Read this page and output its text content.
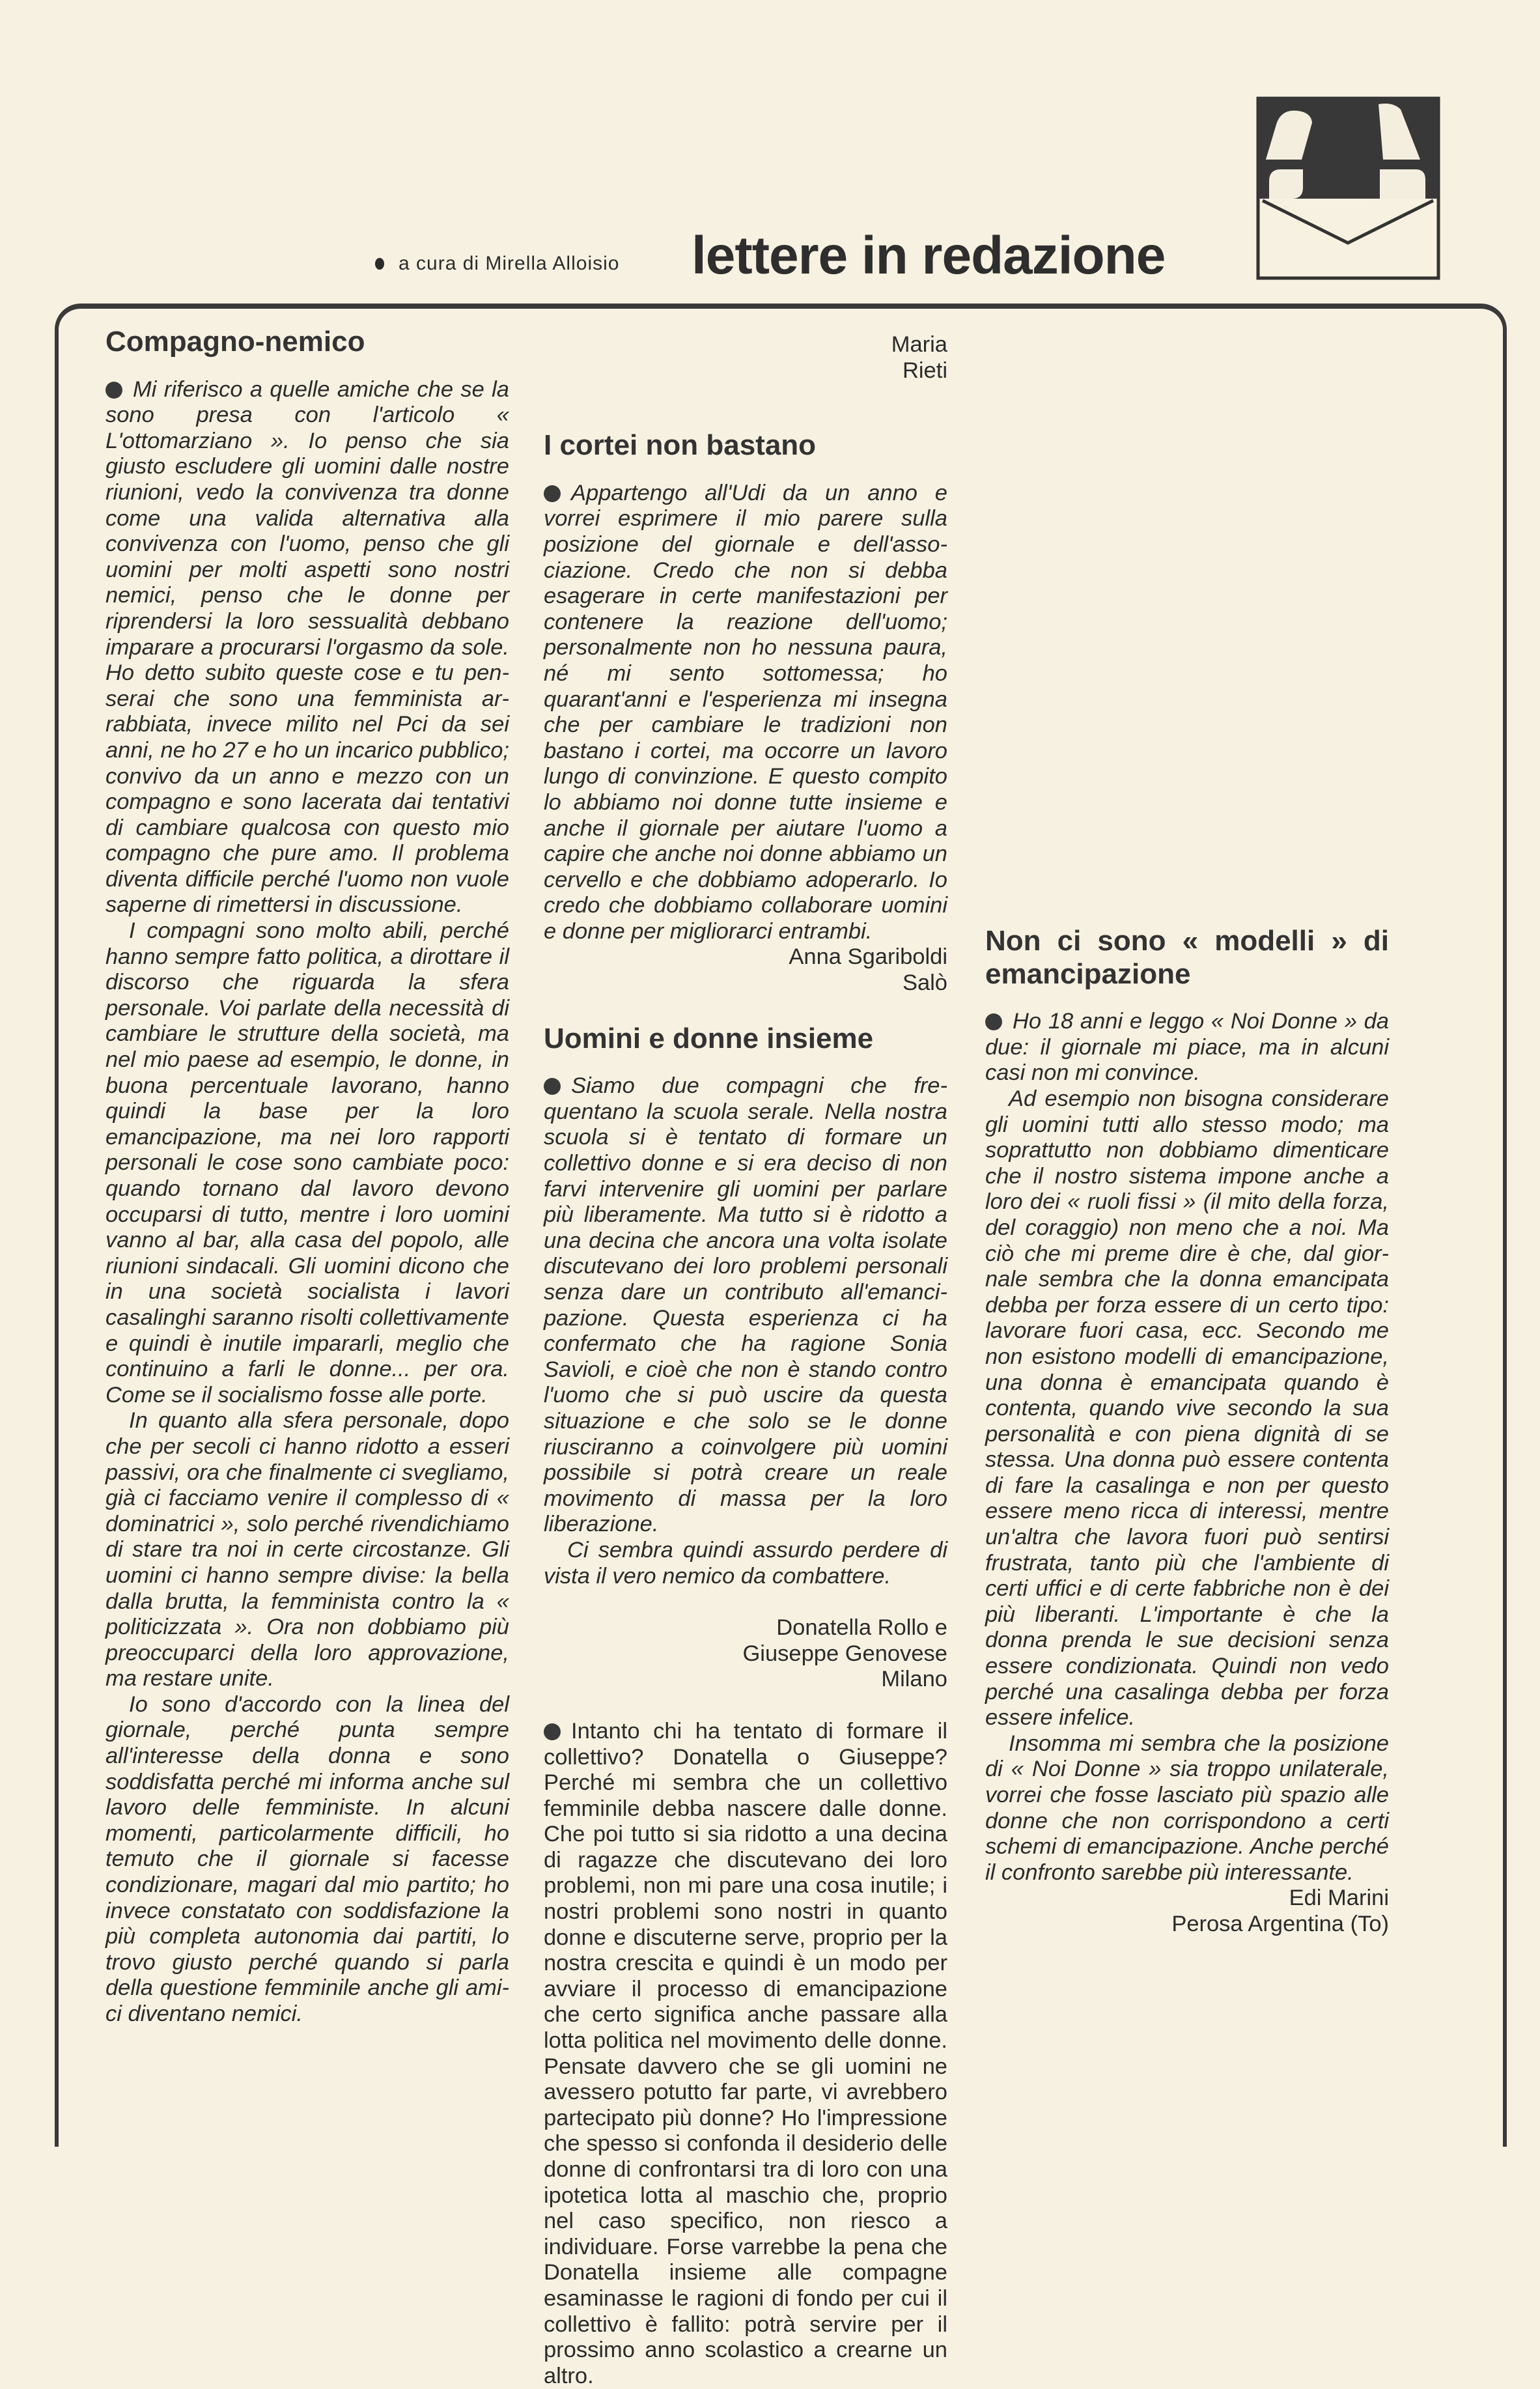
a cura di Mirella Alloisio lettere in redazione
Compagno-nemico

Mi riferisco a quelle amiche che se la sono presa con l'articolo « L'ottomarziano ». Io penso che sia giusto escludere gli uomini dalle nostre riunioni, vedo la convivenza tra donne come una valida alternativa alla convivenza con l'uomo, penso che gli uomini per molti aspetti sono nostri nemici, penso che le donne per riprendersi la loro sessualità debbano imparare a procurarsi l'orgasmo da sole. Ho detto subito queste cose e tu penserai che sono una femminista arrabbiata, invece milito nel Pci da sei anni, ne ho 27 e ho un incarico pubblico; convivo da un anno e mezzo con un compagno e sono lacerata dai tentativi di cambiare qualcosa con questo mio compagno che pure amo. Il problema diventa difficile perché l'uomo non vuole saperne di rimettersi in discussione.

I compagni sono molto abili, perché hanno sempre fatto politica, a dirottare il discorso che riguarda la sfera personale. Voi parlate della necessità di cambiare le strutture della società, ma nel mio paese ad esempio, le donne, in buona percentuale lavorano, hanno quindi la base per la loro emancipazione, ma nei loro rapporti personali le cose sono cambiate poco: quando tornano dal lavoro devono occuparsi di tutto, mentre i loro uomini vanno al bar, alla casa del popolo, alle riunioni sindacali. Gli uomini dicono che in una società socialista i lavori casalinghi saranno risolti collettivamente e quindi è inutile impararli, meglio che continuino a farli le donne... per ora. Come se il socialismo fosse alle porte.

In quanto alla sfera personale, dopo che per secoli ci hanno ridotto a esseri passivi, ora che finalmente ci svegliamo, già ci facciamo venire il complesso di « dominatrici », solo perché rivendichiamo di stare tra noi in certe circostanze. Gli uomini ci hanno sempre divise: la bella dalla brutta, la femminista contro la « politicizzata ». Ora non dobbiamo più preoccuparci della loro approvazione, ma restare unite.

Io sono d'accordo con la linea del giornale, perché punta sempre all'interesse della donna e sono soddisfatta perché mi informa anche sul lavoro delle femministe. In alcuni momenti, particolarmente difficili, ho temuto che il giornale si facesse condizionare, magari dal mio partito; ho invece constatato con soddisfazione la più completa autonomia dai partiti, lo trovo giusto perché quando si parla della questione femminile anche gli amici diventano nemici.

Maria
Rieti
I cortei non bastano

Appartengo all'Udi da un anno e vorrei esprimere il mio parere sulla posizione del giornale e dell'associazione. Credo che non si debba esagerare in certe manifestazioni per contenere la reazione dell'uomo; personalmente non ho nessuna paura, né mi sento sottomessa; ho quarant'anni e l'esperienza mi insegna che per cambiare le tradizioni non bastano i cortei, ma occorre un lavoro lungo di convinzione. E questo compito lo abbiamo noi donne tutte insieme e anche il giornale per aiutare l'uomo a capire che anche noi donne abbiamo un cervello e che dobbiamo adoperarlo. Io credo che dobbiamo collaborare uomini e donne per migliorarci entrambi.

Anna Sgariboldi
Salò
Uomini e donne insieme

Siamo due compagni che frequentano la scuola serale. Nella nostra scuola si è tentato di formare un collettivo donne e si era deciso di non farvi intervenire gli uomini per parlare più liberamente. Ma tutto si è ridotto a una decina che ancora una volta isolate discutevano dei loro problemi personali senza dare un contributo all'emancipazione. Questa esperienza ci ha confermato che ha ragione Sonia Savioli, e cioè che non è stando contro l'uomo che si può uscire da questa situazione e che solo se le donne riusciranno a coinvolgere più uomini possibile si potrà creare un reale movimento di massa per la loro liberazione.

Ci sembra quindi assurdo perdere di vista il vero nemico da combattere.

Donatella Rollo e
Giuseppe Genovese
Milano

Intanto chi ha tentato di formare il collettivo? Donatella o Giuseppe? Perché mi sembra che un collettivo femminile debba nascere dalle donne. Che poi tutto si sia ridotto a una decina di ragazze che discutevano dei loro problemi, non mi pare una cosa inutile; i nostri problemi sono nostri in quanto donne e discuterne serve, proprio per la nostra crescita e quindi è un modo per avviare il processo di emancipazione che certo significa anche passare alla lotta politica nel movimento delle donne. Pensate davvero che se gli uomini ne avessero potutto far parte, vi avrebbero partecipato più donne? Ho l'impressione che spesso si confonda il desiderio delle donne di confrontarsi tra di loro con una ipotetica lotta al maschio che, proprio nel caso specifico, non riesco a individuare. Forse varrebbe la pena che Donatella insieme alle compagne esaminasse le ragioni di fondo per cui il collettivo è fallito: potrà servire per il prossimo anno scolastico a crearne un altro.

Non ci sono « modelli » di emancipazione

Ho 18 anni e leggo « Noi Donne » da due: il giornale mi piace, ma in alcuni casi non mi convince.

Ad esempio non bisogna considerare gli uomini tutti allo stesso modo; ma soprattutto non dobbiamo dimenticare che il nostro sistema impone anche a loro dei « ruoli fissi » (il mito della forza, del coraggio) non meno che a noi. Ma ciò che mi preme dire è che, dal giornale sembra che la donna emancipata debba per forza essere di un certo tipo: lavorare fuori casa, ecc. Secondo me non esistono modelli di emancipazione, una donna è emancipata quando è contenta, quando vive secondo la sua personalità e con piena dignità di se stessa. Una donna può essere contenta di fare la casalinga e non per questo essere meno ricca di interessi, mentre un'altra che lavora fuori può sentirsi frustrata, tanto più che l'ambiente di certi uffici e di certe fabbriche non è dei più liberanti. L'importante è che la donna prenda le sue decisioni senza essere condizionata. Quindi non vedo perché una casalinga debba per forza essere infelice.

Insomma mi sembra che la posizione di « Noi Donne » sia troppo unilaterale, vorrei che fosse lasciato più spazio alle donne che non corrispondono a certi schemi di emancipazione. Anche perché il confronto sarebbe più interessante.

Edi Marini
Perosa Argentina (To)
